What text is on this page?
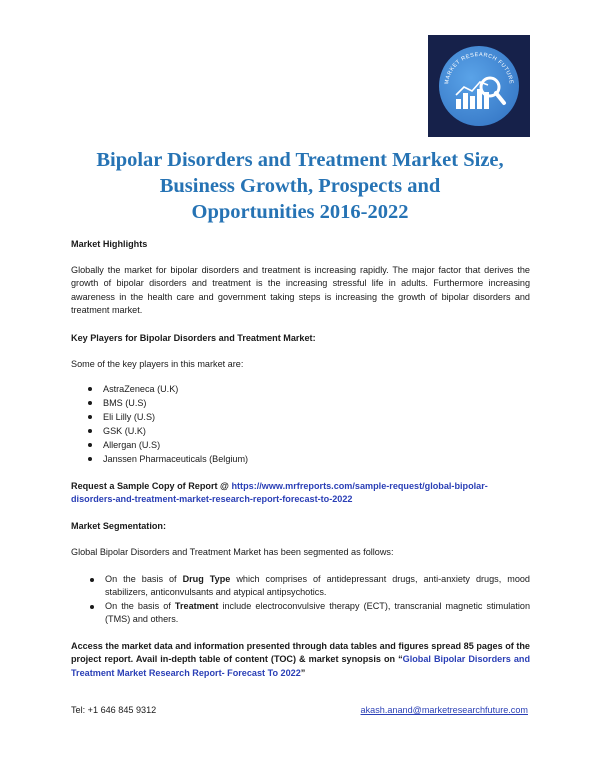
MARKET RESEARCH FUTURE
Bipolar Disorders and Treatment Market Size,
Business Growth, Prospects and
Opportunities 2016-2022

Market Highlights

Globally the market for bipolar disorders and treatment is increasing rapidly. The major factor that derives the growth of bipolar disorders and treatment is the increasing stressful life in adults. Furthermore increasing awareness in the health care and government taking steps is increasing the growth of bipolar disorders and treatment market.

Key Players for Bipolar Disorders and Treatment Market:

Some of the key players in this market are:

AstraZeneca (U.K)
BMS (U.S)
Eli Lilly (U.S)
GSK (U.K)
Allergan (U.S)
Janssen Pharmaceuticals (Belgium)

Request a Sample Copy of Report @ https://www.mrfreports.com/sample-request/global-bipolar-disorders-and-treatment-market-research-report-forecast-to-2022

Market Segmentation:

Global Bipolar Disorders and Treatment Market has been segmented as follows:

On the basis of Drug Type which comprises of antidepressant drugs, anti-anxiety drugs, mood stabilizers, anticonvulsants and atypical antipsychotics.
On the basis of Treatment include electroconvulsive therapy (ECT), transcranial magnetic stimulation (TMS) and others.

Access the market data and information presented through data tables and figures spread 85 pages of the project report. Avail in-depth table of content (TOC) & market synopsis on “Global Bipolar Disorders and Treatment Market Research Report- Forecast To 2022”

Tel: +1 646 845 9312	akash.anand@marketresearchfuture.com
